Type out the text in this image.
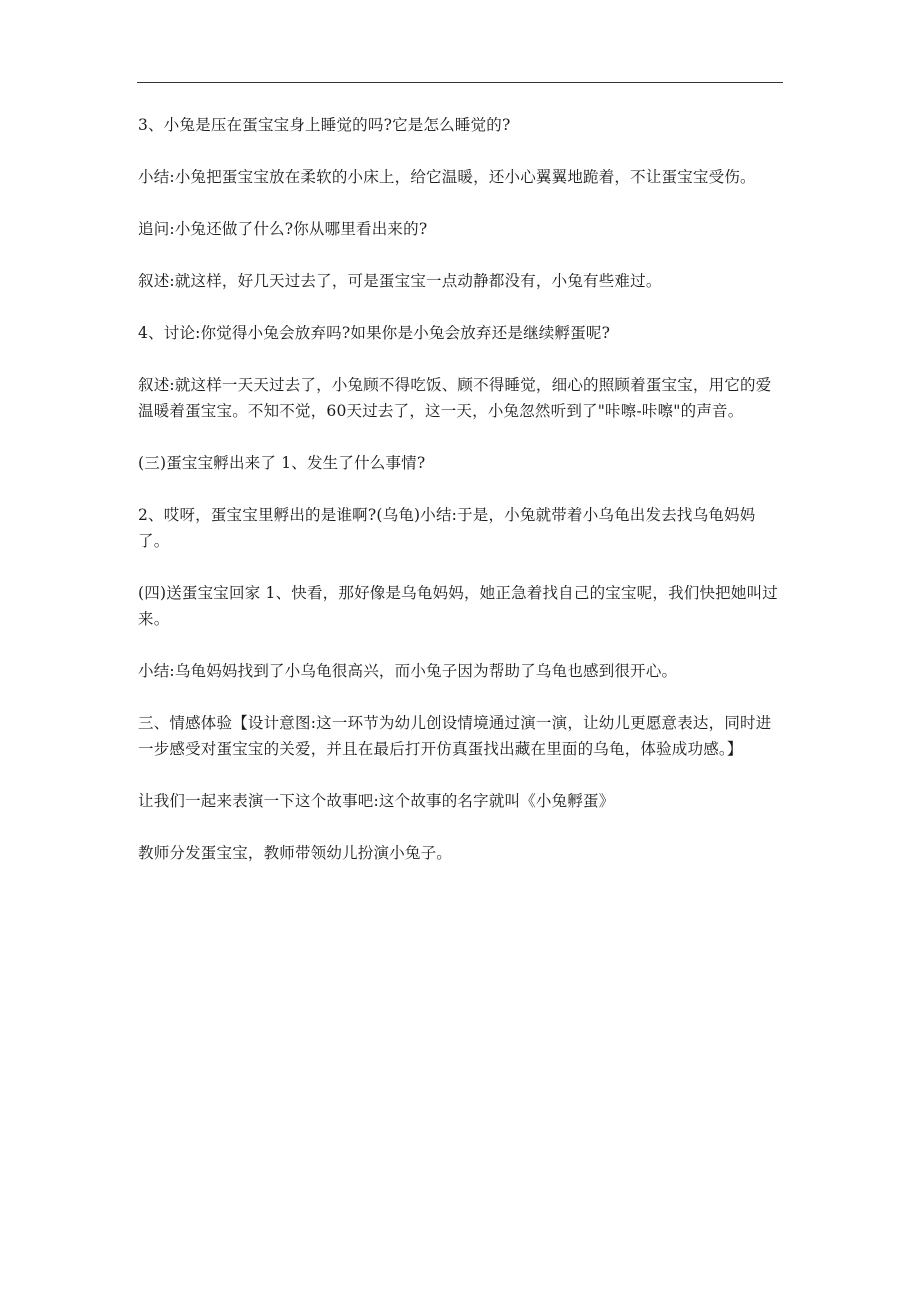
3、小兔是压在蛋宝宝身上睡觉的吗?它是怎么睡觉的?

小结:小兔把蛋宝宝放在柔软的小床上，给它温暖，还小心翼翼地跪着，不让蛋宝宝受伤。

追问:小兔还做了什么?你从哪里看出来的?

叙述:就这样，好几天过去了，可是蛋宝宝一点动静都没有，小兔有些难过。

4、讨论:你觉得小兔会放弃吗?如果你是小兔会放弃还是继续孵蛋呢?

叙述:就这样一天天过去了，小兔顾不得吃饭、顾不得睡觉，细心的照顾着蛋宝宝，用它的爱温暖着蛋宝宝。不知不觉，60天过去了，这一天，小兔忽然听到了"咔嚓-咔嚓"的声音。

(三)蛋宝宝孵出来了 1、发生了什么事情?

2、哎呀，蛋宝宝里孵出的是谁啊?(乌龟)小结:于是，小兔就带着小乌龟出发去找乌龟妈妈了。

(四)送蛋宝宝回家 1、快看，那好像是乌龟妈妈，她正急着找自己的宝宝呢，我们快把她叫过来。

小结:乌龟妈妈找到了小乌龟很高兴，而小兔子因为帮助了乌龟也感到很开心。

三、情感体验【设计意图:这一环节为幼儿创设情境通过演一演，让幼儿更愿意表达，同时进一步感受对蛋宝宝的关爱，并且在最后打开仿真蛋找出藏在里面的乌龟，体验成功感。】

让我们一起来表演一下这个故事吧:这个故事的名字就叫《小兔孵蛋》

教师分发蛋宝宝，教师带领幼儿扮演小兔子。
